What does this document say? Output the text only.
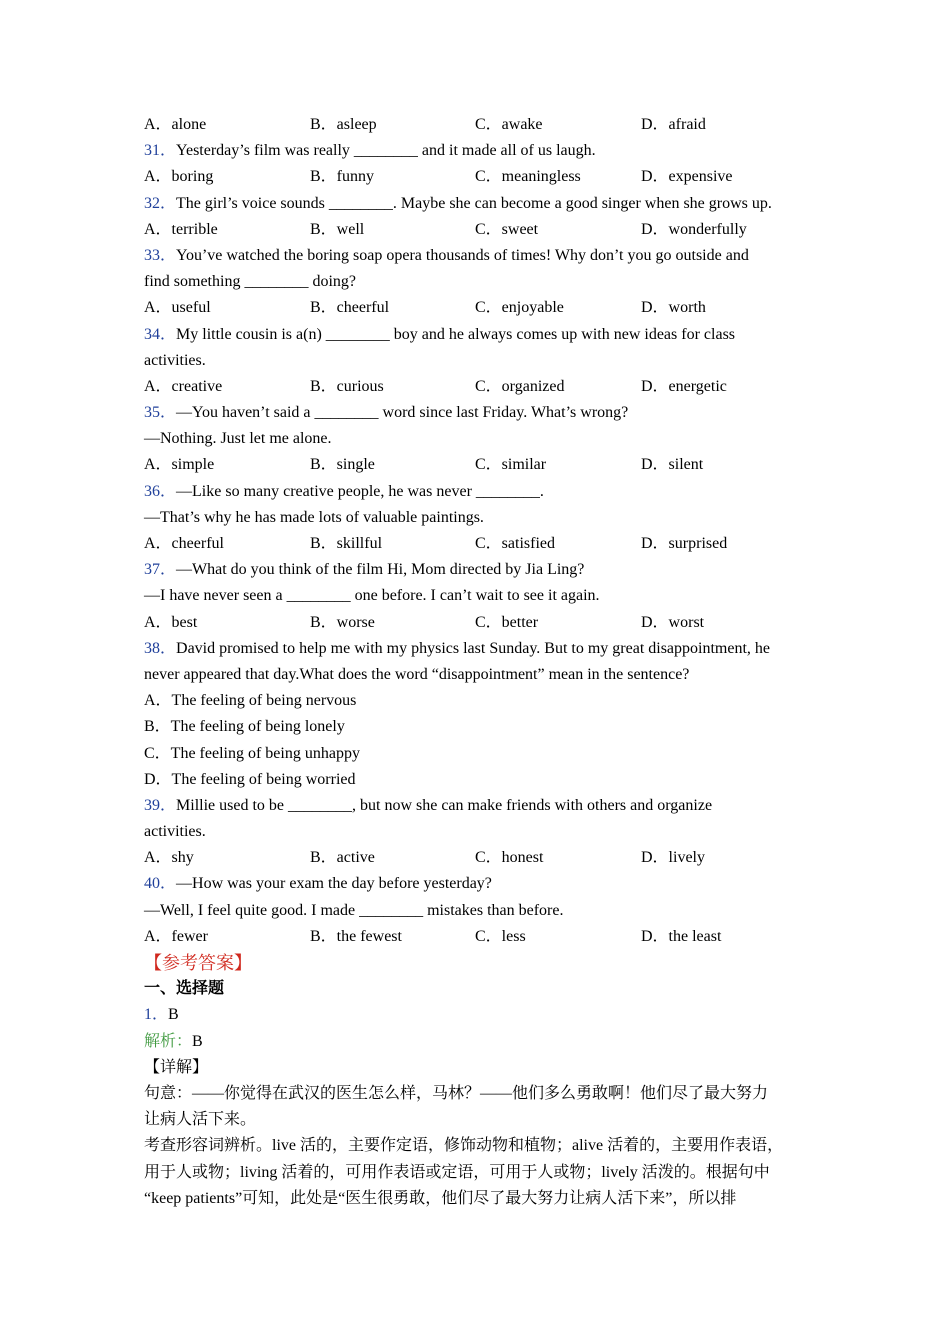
A．alone	B．asleep	C．awake	D．afraid
31．Yesterday’s film was really ________ and it made all of us laugh.
A．boring	B．funny	C．meaningless	D．expensive
32．The girl’s voice sounds ________. Maybe she can become a good singer when she grows up.
A．terrible	B．well	C．sweet	D．wonderfully
33．You’ve watched the boring soap opera thousands of times! Why don’t you go outside and
find something ________ doing?
A．useful	B．cheerful	C．enjoyable	D．worth
34．My little cousin is a(n) ________ boy and he always comes up with new ideas for class
activities.
A．creative	B．curious	C．organized	D．energetic
35．—You haven’t said a ________ word since last Friday. What’s wrong?
—Nothing. Just let me alone.
A．simple	B．single	C．similar	D．silent
36．—Like so many creative people, he was never ________.
—That’s why he has made lots of valuable paintings.
A．cheerful	B．skillful	C．satisfied	D．surprised
37．—What do you think of the film Hi, Mom directed by Jia Ling?
—I have never seen a ________ one before. I can’t wait to see it again.
A．best	B．worse	C．better	D．worst
38．David promised to help me with my physics last Sunday. But to my great disappointment, he
never appeared that day.What does the word “disappointment” mean in the sentence?
A．The feeling of being nervous
B．The feeling of being lonely
C．The feeling of being unhappy
D．The feeling of being worried
39．Millie used to be ________, but now she can make friends with others and organize
activities.
A．shy	B．active	C．honest	D．lively
40．—How was your exam the day before yesterday?
—Well, I feel quite good. I made ________ mistakes than before.
A．fewer	B．the fewest	C．less	D．the least
【参考答案】
一、选择题
1．B
解析：B
【详解】
句意：——你觉得在武汉的医生怎么样，马林？——他们多么勇敢啊！他们尽了最大努力
让病人活下来。
考查形容词辨析。live 活的，主要作定语，修饰动物和植物；alive 活着的，主要用作表语，
用于人或物；living 活着的，可用作表语或定语，可用于人或物；lively 活泼的。根据句中
“keep patients”可知，此处是“医生很勇敢，他们尽了最大努力让病人活下来”，所以排
